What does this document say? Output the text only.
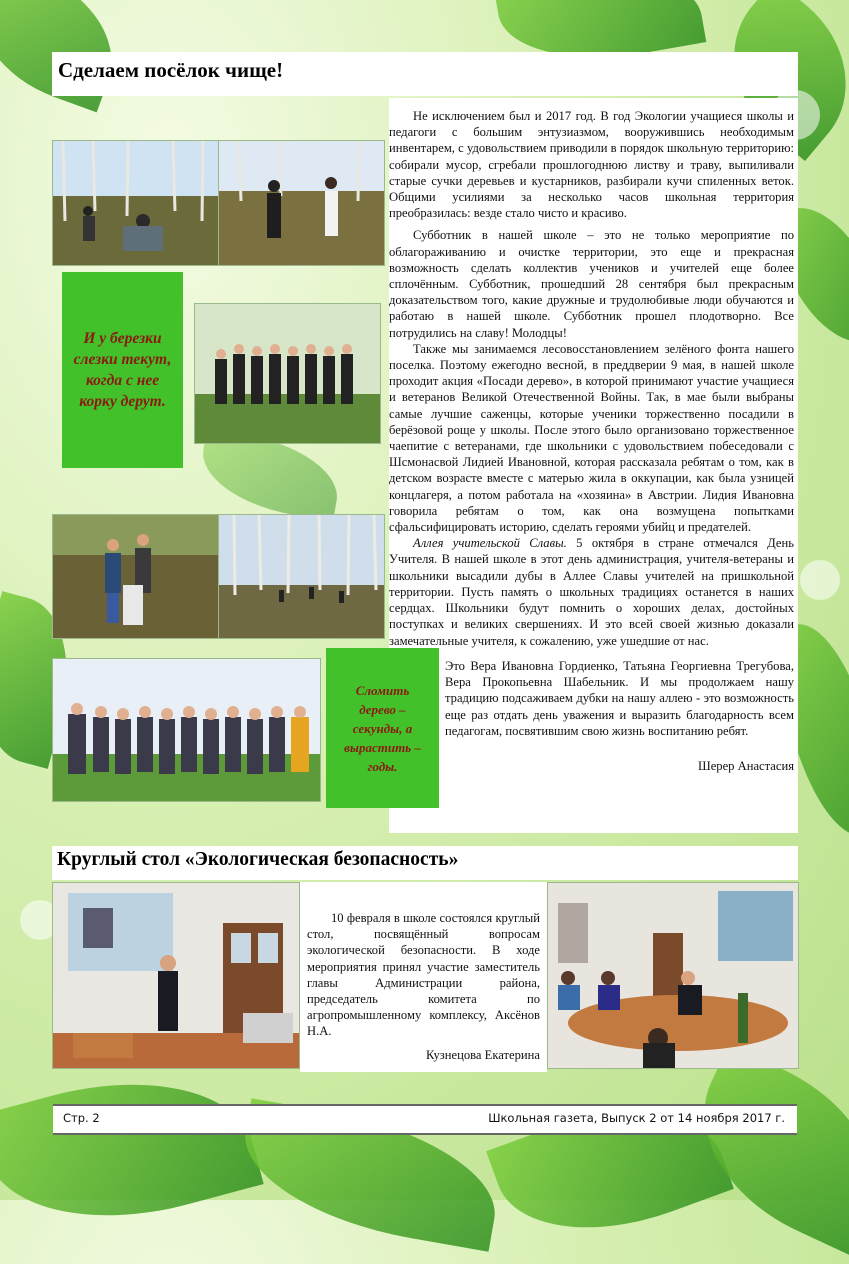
Сделаем посёлок чище!
И у березки слезки текут, когда с нее корку дерут.
Сломить дерево – секунды, а вырастить – годы.

Не исключением был и 2017 год. В год Экологии учащиеся школы и педагоги с большим энтузиазмом, вооружившись необходимым инвентарем, с удовольствием приводили в порядок школьную территорию: собирали мусор, сгребали прошлогоднюю листву и траву, выпиливали старые сучки деревьев и кустарников, разбирали кучи спиленных веток. Общими усилиями за несколько часов школьная территория преобразилась: везде стало чисто и красиво.

Субботник в нашей школе – это не только мероприятие по облагораживанию и очистке территории, это еще и прекрасная возможность сделать коллектив учеников и учителей еще более сплочённым. Субботник, прошедший 28 сентября был прекрасным доказательством того, какие дружные и трудолюбивые люди обучаются и работаю в нашей школе. Субботник прошел плодотворно. Все потрудились на славу! Молодцы!

Также мы занимаемся лесовосстановлением зелёного фонта нашего поселка. Поэтому ежегодно весной, в преддверии 9 мая, в нашей школе проходит акция «Посади дерево», в которой принимают участие учащиеся и ветеранов Великой Отечественной Войны. Так, в мае были выбраны самые лучшие саженцы, которые ученики торжественно посадили в берёзовой роще у школы. После этого было организовано торжественное чаепитие с ветеранами, где школьники с удовольствием побеседовали с Шсмонасвой Лидией Ивановной, которая рассказала ребятам о том, как в детском возрасте вместе с матерью жила в оккупации, как была узницей концлагеря, а потом работала на «хозяина» в Австрии. Лидия Ивановна говорила ребятам о том, как она возмущена попытками сфальсифицировать историю, сделать героями убийц и предателей.

Аллея учительской Славы. 5 октября в стране отмечался День Учителя. В нашей школе в этот день администрация, учителя-ветераны и школьники высадили дубы в Аллее Славы учителей на пришкольной территории. Пусть память о школьных традициях останется в наших сердцах. Школьники будут помнить о хороших делах, достойных поступках и великих свершениях. И это всей своей жизнью доказали замечательные учителя, к сожалению, уже ушедшие от нас.

Это Вера Ивановна Гордиенко, Татьяна Георгиевна Трегубова, Вера Прокопьевна Шабельник. И мы продолжаем нашу традицию подсаживаем дубки на нашу аллею - это возможность еще раз отдать день уважения и выразить благодарность всем педагогам, посвятившим свою жизнь воспитанию ребят.

Шерер Анастасия
Круглый стол «Экологическая безопасность»

10 февраля в школе состоялся круглый стол, посвящённый вопросам экологической безопасности. В ходе мероприятия принял участие заместитель главы Администрации района, председатель комитета по агропромышленному комплексу, Аксёнов Н.А.

Кузнецова Екатерина
Стр. 2	Школьная газета, Выпуск 2 от 14 ноября 2017 г.
